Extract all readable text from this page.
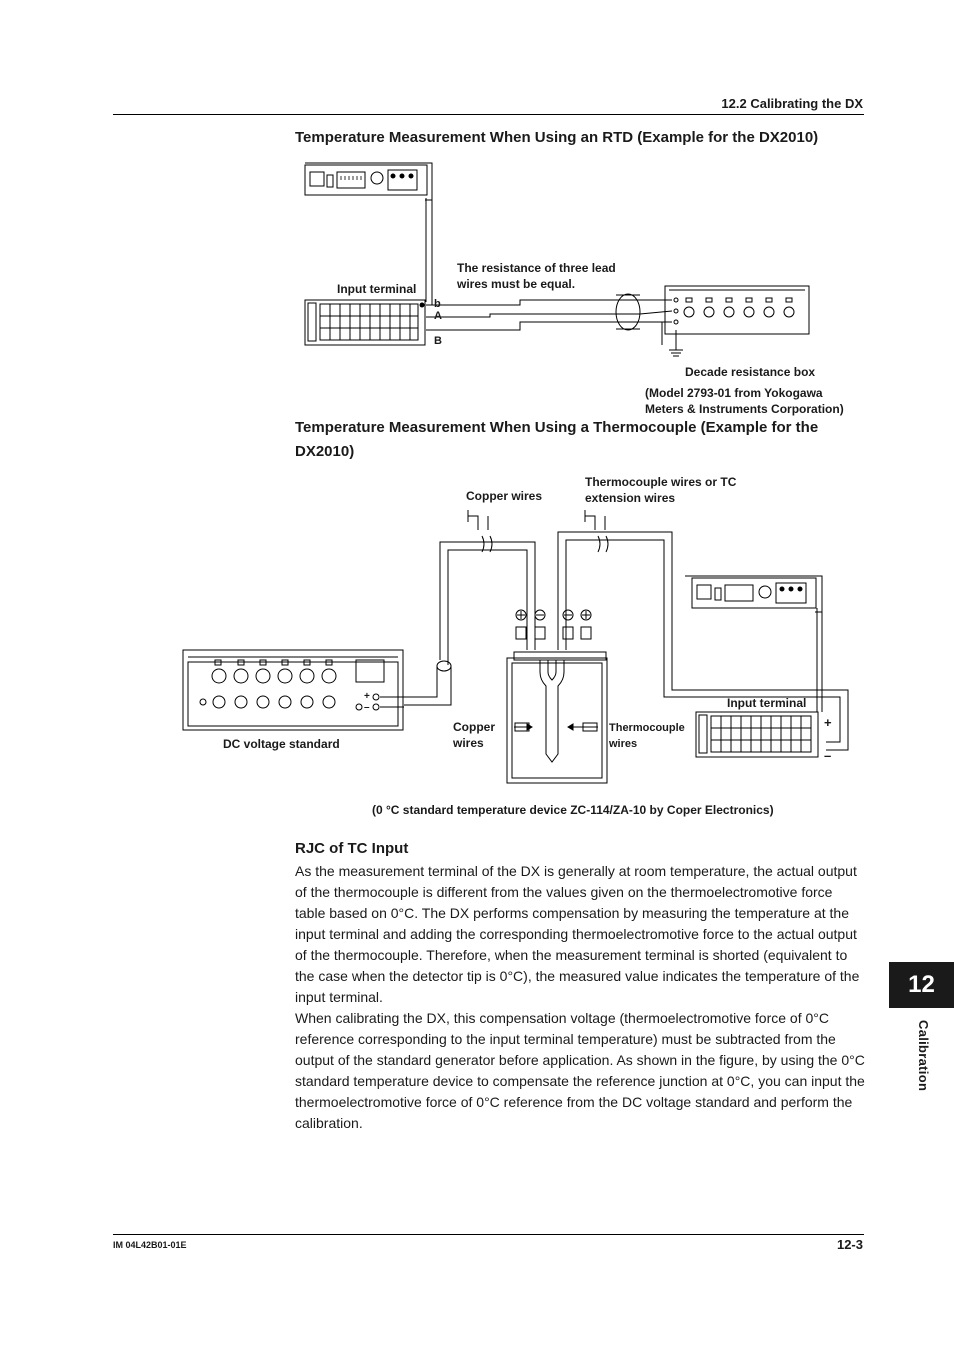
12.2 Calibrating the DX
Temperature Measurement When Using an RTD (Example for the DX2010)
Input terminal
The resistance of three lead
wires must be equal.
b
A
B
Decade resistance box
(Model 2793-01 from Yokogawa
Meters & Instruments Corporation)
Temperature Measurement When Using a Thermocouple (Example for the DX2010)
Copper wires
Thermocouple wires or TC
extension wires
Input terminal
+
–
+
–
DC voltage standard
Copper
wires
Thermocouple
wires
(0 °C standard temperature device ZC-114/ZA-10 by Coper Electronics)
RJC of TC Input

As the measurement terminal of the DX is generally at room temperature, the actual output of the thermocouple is different from the values given on the thermoelectromotive force table based on 0°C. The DX performs compensation by measuring the temperature at the input terminal and adding the corresponding thermoelectromotive force to the actual output of the thermocouple. Therefore, when the measurement terminal is shorted (equivalent to the case when the detector tip is 0°C), the measured value indicates the temperature of the input terminal.

When calibrating the DX, this compensation voltage (thermoelectromotive force of 0°C reference corresponding to the input terminal temperature) must be subtracted from the output of the standard generator before application. As shown in the figure, by using the 0°C standard temperature device to compensate the reference junction at 0°C, you can input the thermoelectromotive force of 0°C reference from the DC voltage standard and perform the calibration.

12
Calibration
IM 04L42B01-01E	12-3
